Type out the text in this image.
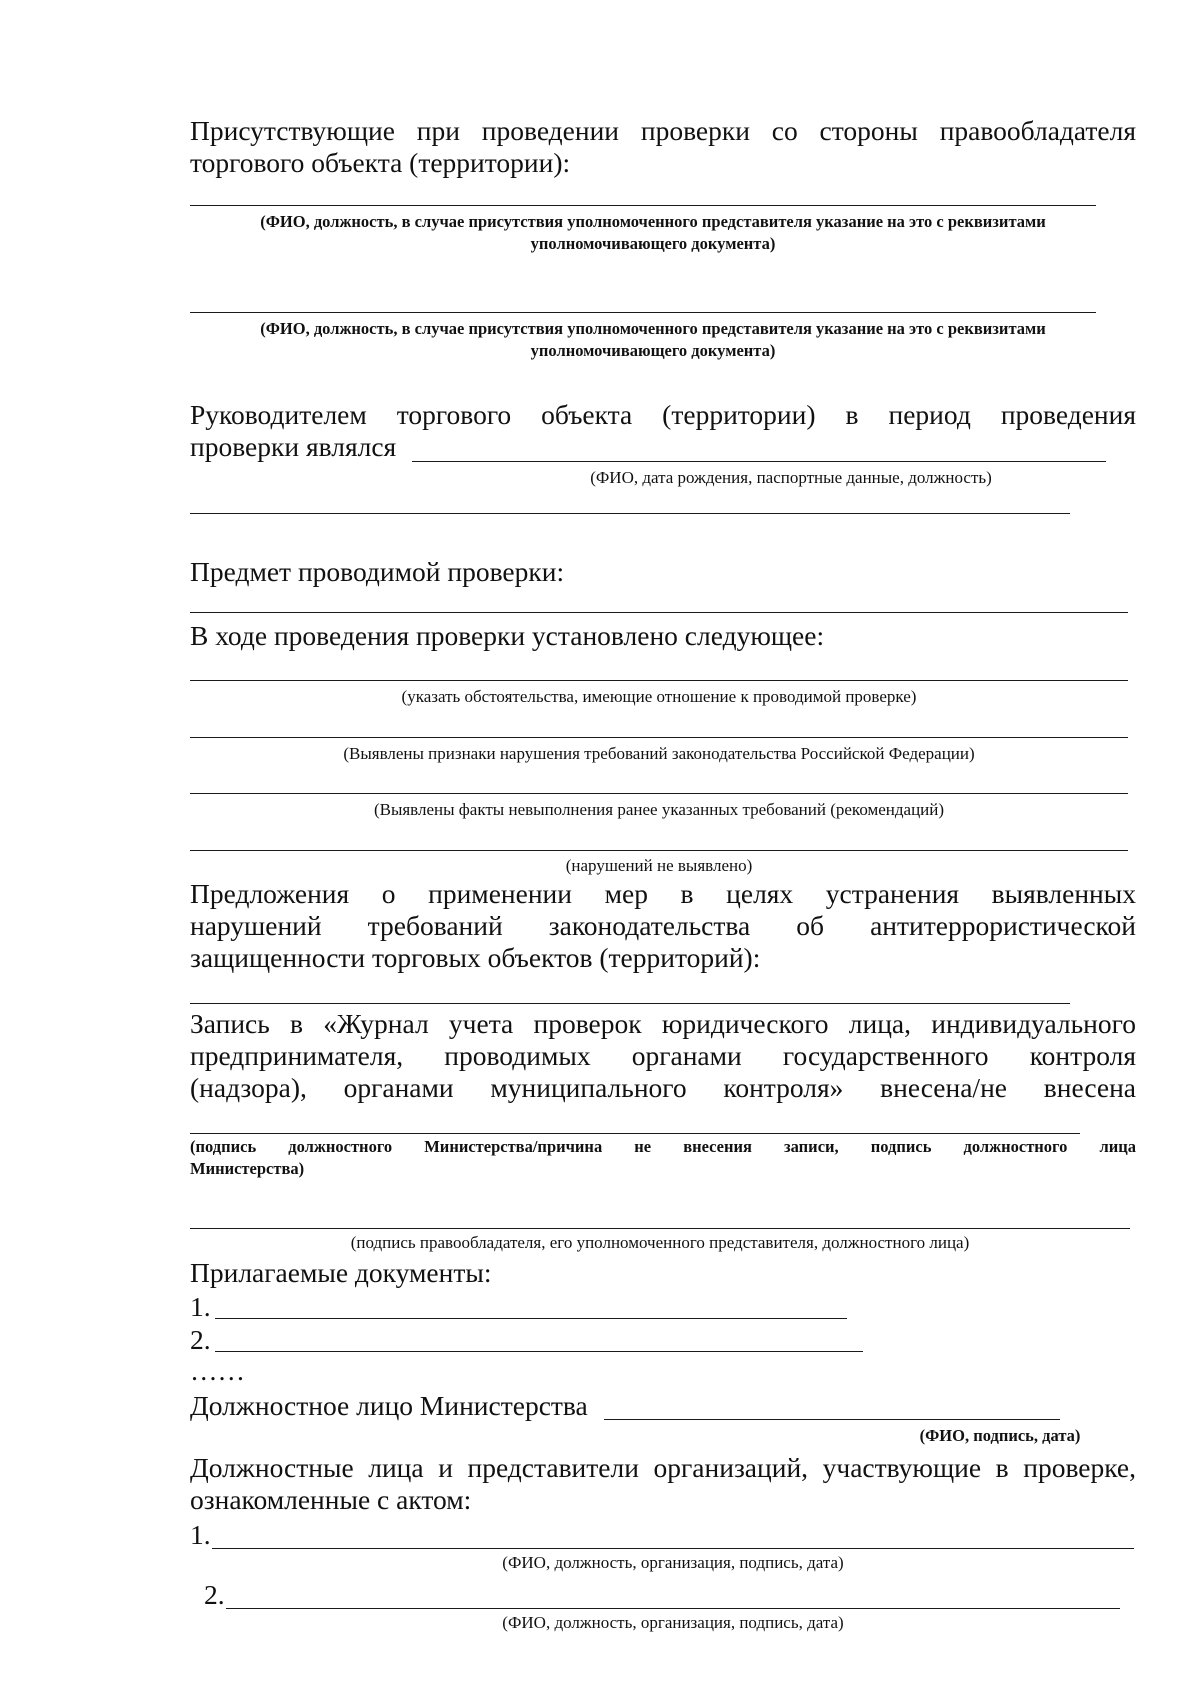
Присутствующие при проведении проверки со стороны правообладателя
торгового объекта (территории):
(ФИО, должность, в случае присутствия уполномоченного представителя указание на это с реквизитами
уполномочивающего документа)
(ФИО, должность, в случае присутствия уполномоченного представителя указание на это с реквизитами
уполномочивающего документа)
Руководителем торгового объекта (территории) в период проведения
проверки являлся
(ФИО, дата рождения, паспортные данные, должность)
Предмет проводимой проверки:
В ходе проведения проверки установлено следующее:
(указать обстоятельства, имеющие отношение к проводимой проверке)
(Выявлены признаки нарушения требований законодательства Российской Федерации)
(Выявлены факты невыполнения ранее указанных требований (рекомендаций)
(нарушений не выявлено)
Предложения о применении мер в целях устранения выявленных
нарушений требований законодательства об антитеррористической
защищенности торговых объектов (территорий):
Запись в «Журнал учета проверок юридического лица, индивидуального
предпринимателя, проводимых органами государственного контроля
(надзора), органами муниципального контроля» внесена/не внесена
(подпись должностного Министерства/причина не внесения записи, подпись должностного лица
Министерства)
(подпись правообладателя, его уполномоченного представителя, должностного лица)
Прилагаемые документы:
1.
2.
……
Должностное лицо Министерства
(ФИО, подпись, дата)
Должностные лица и представители организаций, участвующие в проверке,
ознакомленные с актом:
1.
(ФИО, должность, организация, подпись, дата)
2.
(ФИО, должность, организация, подпись, дата)
